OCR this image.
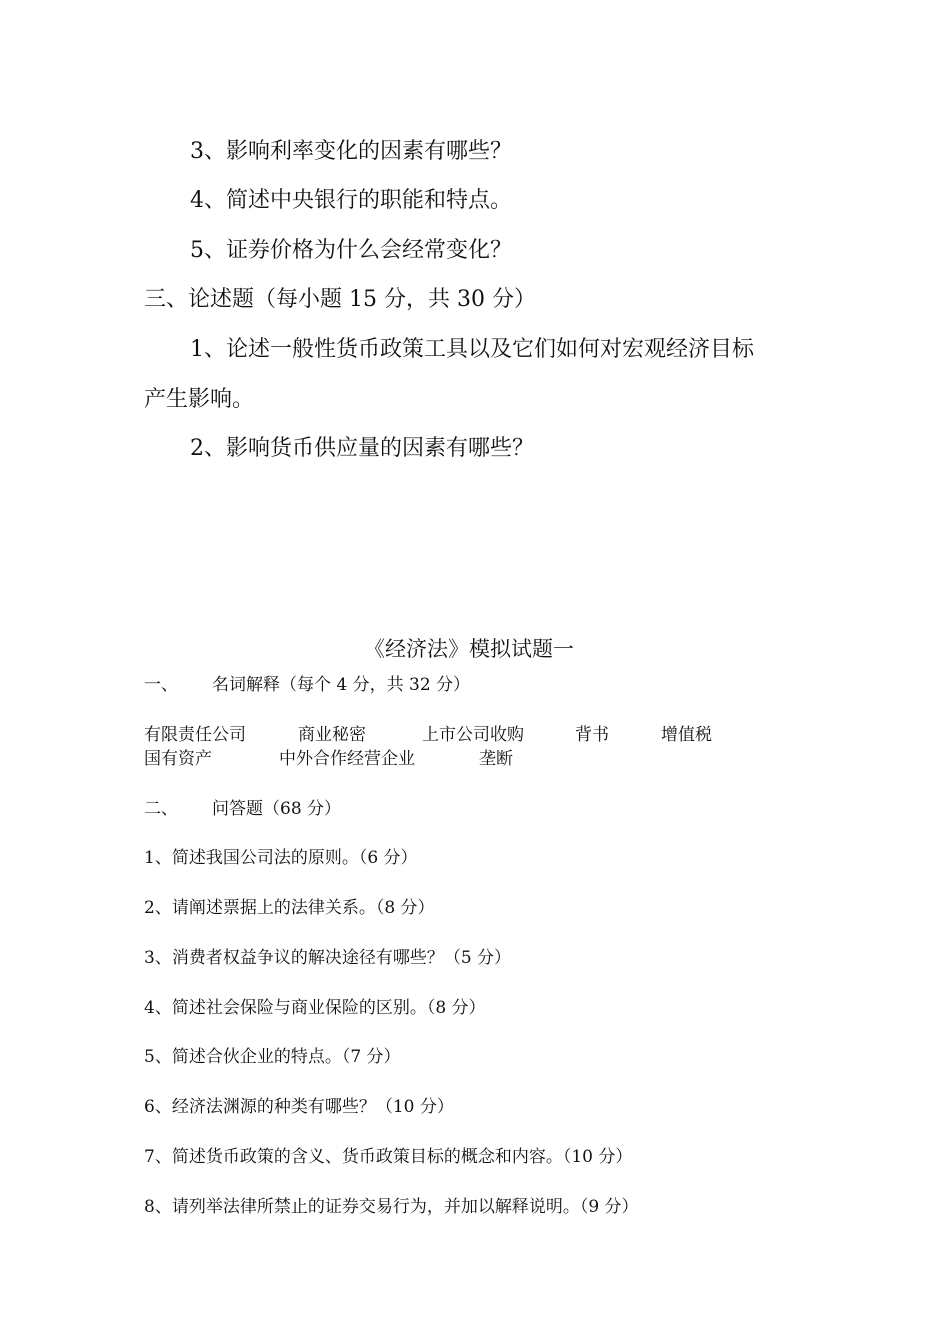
3、影响利率变化的因素有哪些？
4、简述中央银行的职能和特点。
5、证券价格为什么会经常变化？
三、论述题（每小题 15 分，共 30 分）
1、论述一般性货币政策工具以及它们如何对宏观经济目标
产生影响。
2、影响货币供应量的因素有哪些？
《经济法》模拟试题一
一、 名词解释（每个 4 分，共 32 分）
有限责任公司	商业秘密	上市公司收购	背书	增值税
国有资产	中外合作经营企业	垄断
二、 问答题（68 分）
1、简述我国公司法的原则。（6 分）
2、请阐述票据上的法律关系。（8 分）
3、消费者权益争议的解决途径有哪些？（5 分）
4、简述社会保险与商业保险的区别。（8 分）
5、简述合伙企业的特点。（7 分）
6、经济法渊源的种类有哪些？（10 分）
7、简述货币政策的含义、货币政策目标的概念和内容。（10 分）
8、请列举法律所禁止的证券交易行为，并加以解释说明。（9 分）
